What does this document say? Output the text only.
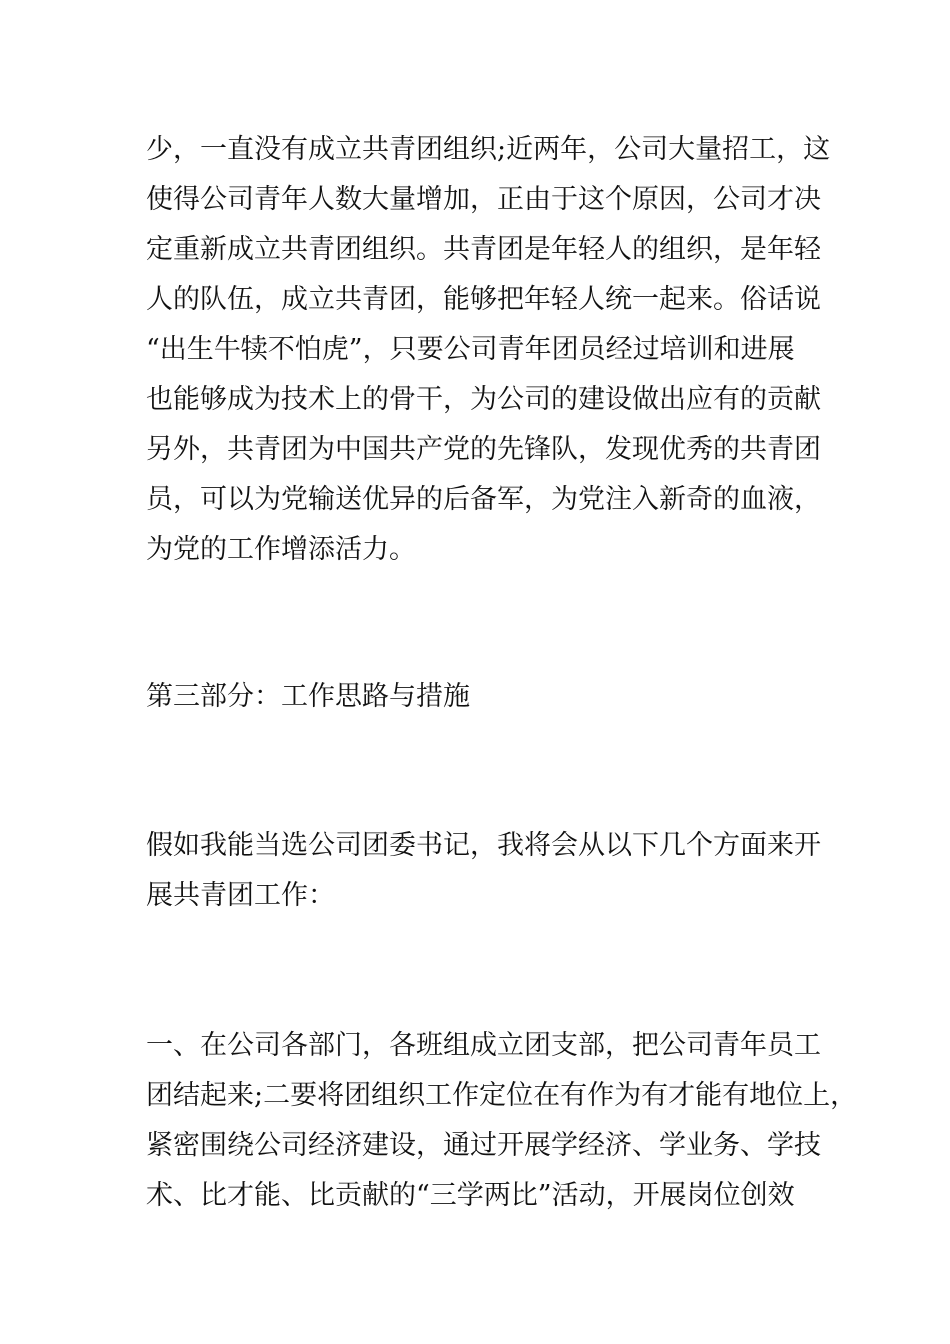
少，一直没有成立共青团组织;近两年，公司大量招工，这

使得公司青年人数大量增加，正由于这个原因，公司才决

定重新成立共青团组织。共青团是年轻人的组织，是年轻

人的队伍，成立共青团，能够把年轻人统一起来。俗话说

“出生牛犊不怕虎”，只要公司青年团员经过培训和进展

也能够成为技术上的骨干，为公司的建设做出应有的贡献

另外，共青团为中国共产党的先锋队，发现优秀的共青团

员，可以为党输送优异的后备军，为党注入新奇的血液，

为党的工作增添活力。

第三部分：工作思路与措施

假如我能当选公司团委书记，我将会从以下几个方面来开

展共青团工作：

一、在公司各部门，各班组成立团支部，把公司青年员工

团结起来;二要将团组织工作定位在有作为有才能有地位上，

紧密围绕公司经济建设，通过开展学经济、学业务、学技

术、比才能、比贡献的“三学两比”活动，开展岗位创效
